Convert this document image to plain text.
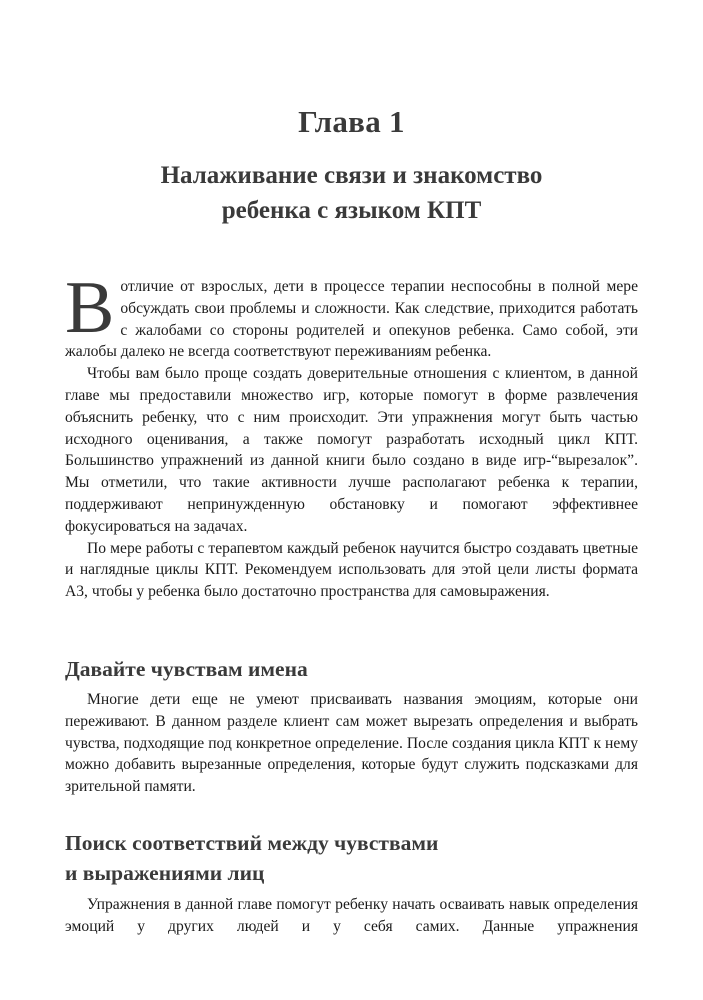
Глава 1
Налаживание связи и знакомство
ребенка с языком КПТ

Вотличие от взрослых, дети в процессе терапии неспособны в полной мере обсуждать свои проблемы и сложности. Как следствие, приходится работать с жалобами со стороны родителей и опекунов ребенка. Само собой, эти жалобы далеко не всегда соответствуют переживаниям ребенка.

Чтобы вам было проще создать доверительные отношения с клиентом, в данной главе мы предоставили множество игр, которые помогут в форме развлечения объяснить ребенку, что с ним происходит. Эти упражнения могут быть частью исходного оценивания, а также помогут разработать исходный цикл КПТ. Большинство упражнений из данной книги было создано в виде игр-“вырезалок”. Мы отметили, что такие активности лучше располагают ребенка к терапии, поддерживают непринужденную обстановку и помогают эффективнее фокусироваться на задачах.

По мере работы с терапевтом каждый ребенок научится быстро создавать цветные и наглядные циклы КПТ. Рекомендуем использовать для этой цели листы формата А3, чтобы у ребенка было достаточно пространства для самовыражения.

Давайте чувствам имена

Многие дети еще не умеют присваивать названия эмоциям, которые они переживают. В данном разделе клиент сам может вырезать определения и выбрать чувства, подходящие под конкретное определение. После создания цикла КПТ к нему можно добавить вырезанные определения, которые будут служить подсказками для зрительной памяти.

Поиск соответствий между чувствами
и выражениями лиц

Упражнения в данной главе помогут ребенку начать осваивать навык определения эмоций у других людей и у себя самих. Данные упражнения
